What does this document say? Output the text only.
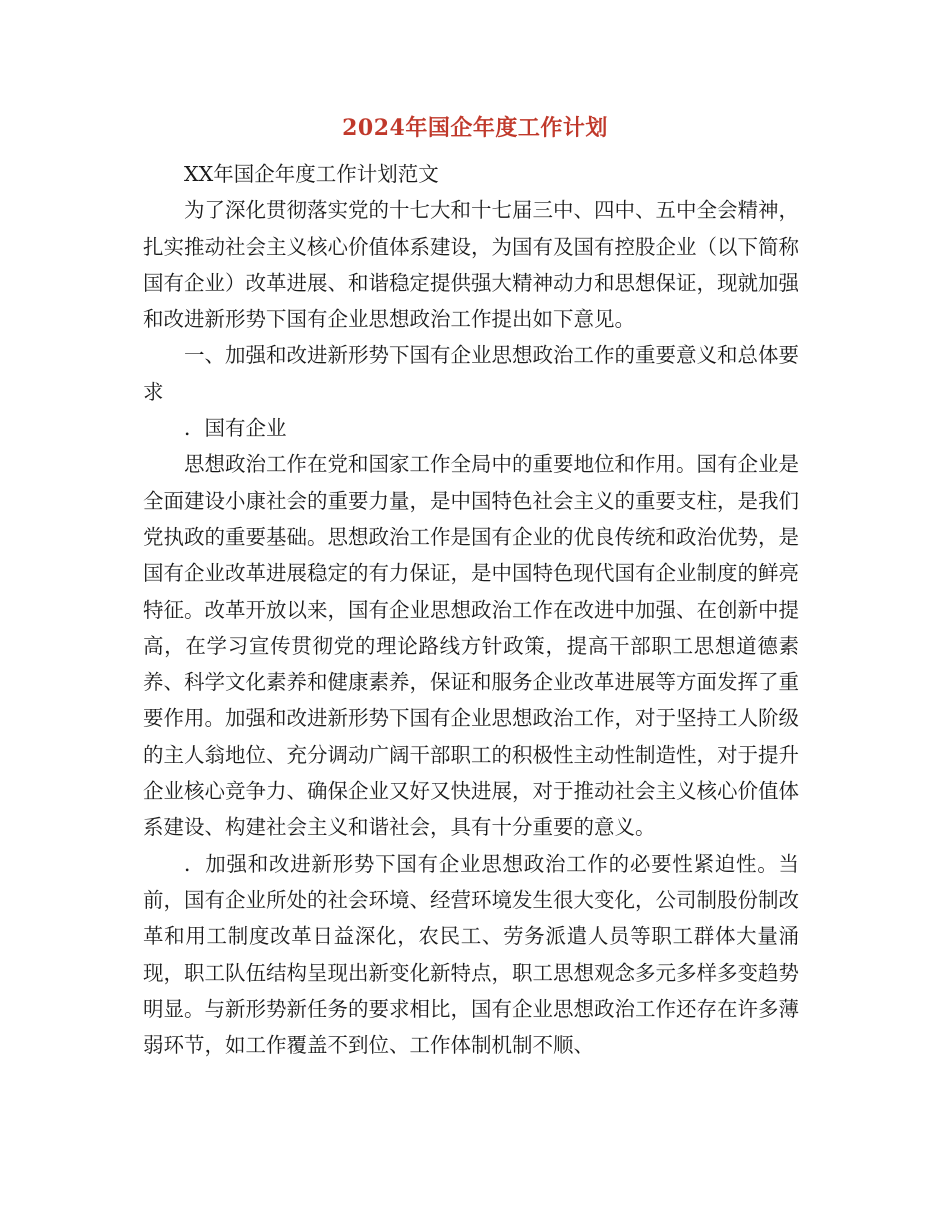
2024年国企年度工作计划

XX年国企年度工作计划范文

为了深化贯彻落实党的十七大和十七届三中、四中、五中全会精神，扎实推动社会主义核心价值体系建设，为国有及国有控股企业（以下简称国有企业）改革进展、和谐稳定提供强大精神动力和思想保证，现就加强和改进新形势下国有企业思想政治工作提出如下意见。

一、加强和改进新形势下国有企业思想政治工作的重要意义和总体要求

．国有企业

思想政治工作在党和国家工作全局中的重要地位和作用。国有企业是全面建设小康社会的重要力量，是中国特色社会主义的重要支柱，是我们党执政的重要基础。思想政治工作是国有企业的优良传统和政治优势，是国有企业改革进展稳定的有力保证，是中国特色现代国有企业制度的鲜亮特征。改革开放以来，国有企业思想政治工作在改进中加强、在创新中提高，在学习宣传贯彻党的理论路线方针政策，提高干部职工思想道德素养、科学文化素养和健康素养，保证和服务企业改革进展等方面发挥了重要作用。加强和改进新形势下国有企业思想政治工作，对于坚持工人阶级的主人翁地位、充分调动广阔干部职工的积极性主动性制造性，对于提升企业核心竞争力、确保企业又好又快进展，对于推动社会主义核心价值体系建设、构建社会主义和谐社会，具有十分重要的意义。

．加强和改进新形势下国有企业思想政治工作的必要性紧迫性。当前，国有企业所处的社会环境、经营环境发生很大变化，公司制股份制改革和用工制度改革日益深化，农民工、劳务派遣人员等职工群体大量涌现，职工队伍结构呈现出新变化新特点，职工思想观念多元多样多变趋势明显。与新形势新任务的要求相比，国有企业思想政治工作还存在许多薄弱环节，如工作覆盖不到位、工作体制机制不顺、
